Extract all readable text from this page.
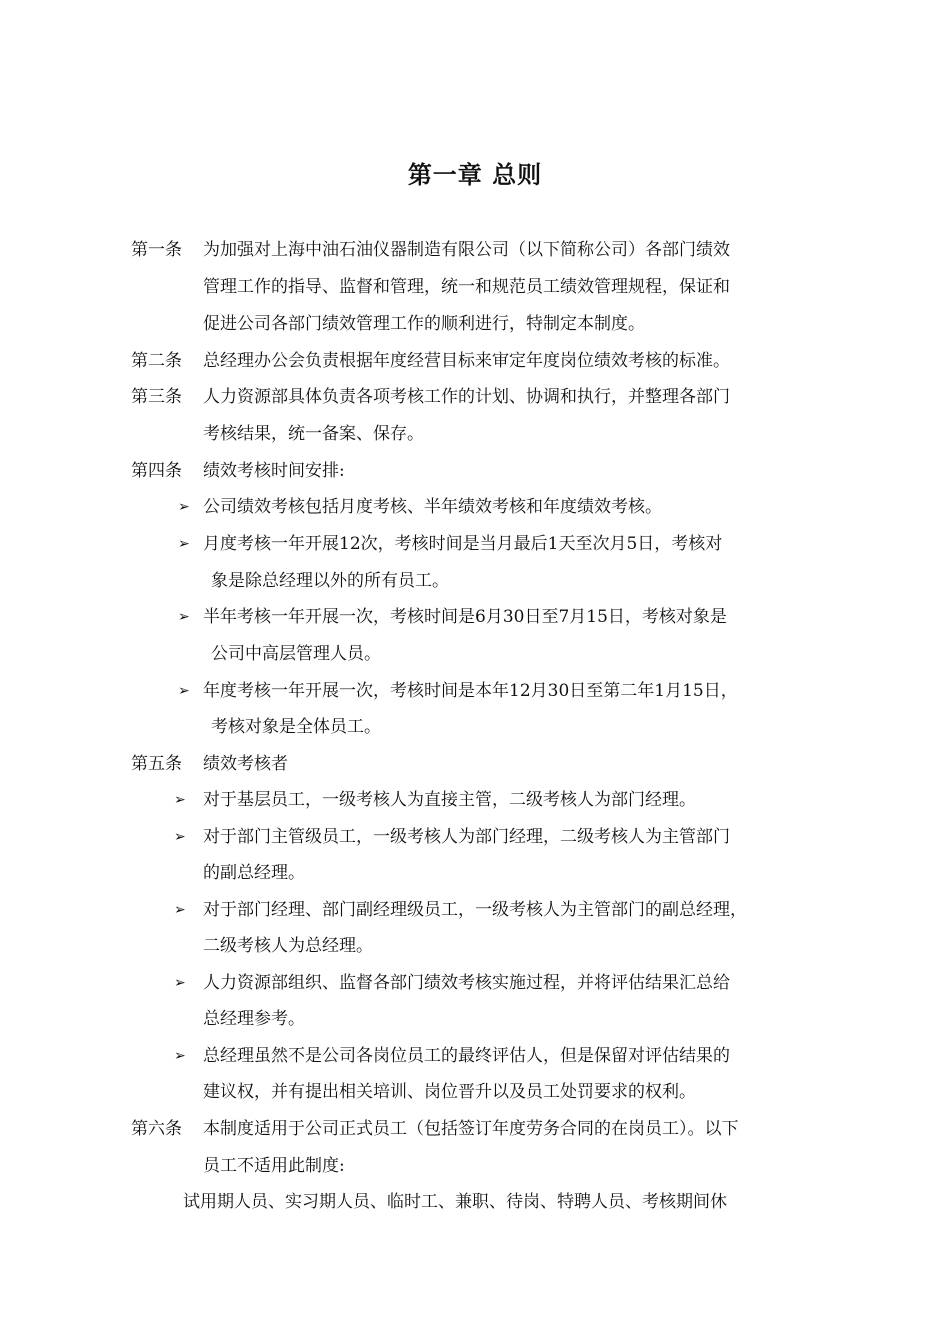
第一章 总则
第一条 为加强对上海中油石油仪器制造有限公司（以下简称公司）各部门绩效
管理工作的指导、监督和管理，统一和规范员工绩效管理规程，保证和
促进公司各部门绩效管理工作的顺利进行，特制定本制度。
第二条 总经理办公会负责根据年度经营目标来审定年度岗位绩效考核的标准。
第三条 人力资源部具体负责各项考核工作的计划、协调和执行，并整理各部门
考核结果，统一备案、保存。
第四条 绩效考核时间安排:
➢ 公司绩效考核包括月度考核、半年绩效考核和年度绩效考核。
➢ 月度考核一年开展12次，考核时间是当月最后1天至次月5日，考核对
象是除总经理以外的所有员工。
➢ 半年考核一年开展一次，考核时间是6月30日至7月15日，考核对象是
公司中高层管理人员。
➢ 年度考核一年开展一次，考核时间是本年12月30日至第二年1月15日，
考核对象是全体员工。
第五条 绩效考核者
➢ 对于基层员工，一级考核人为直接主管，二级考核人为部门经理。
➢ 对于部门主管级员工，一级考核人为部门经理，二级考核人为主管部门
的副总经理。
➢ 对于部门经理、部门副经理级员工，一级考核人为主管部门的副总经理，
二级考核人为总经理。
➢ 人力资源部组织、监督各部门绩效考核实施过程，并将评估结果汇总给
总经理参考。
➢ 总经理虽然不是公司各岗位员工的最终评估人，但是保留对评估结果的
建议权，并有提出相关培训、岗位晋升以及员工处罚要求的权利。
第六条 本制度适用于公司正式员工（包括签订年度劳务合同的在岗员工）。以下
员工不适用此制度:
试用期人员、实习期人员、临时工、兼职、待岗、特聘人员、考核期间休
